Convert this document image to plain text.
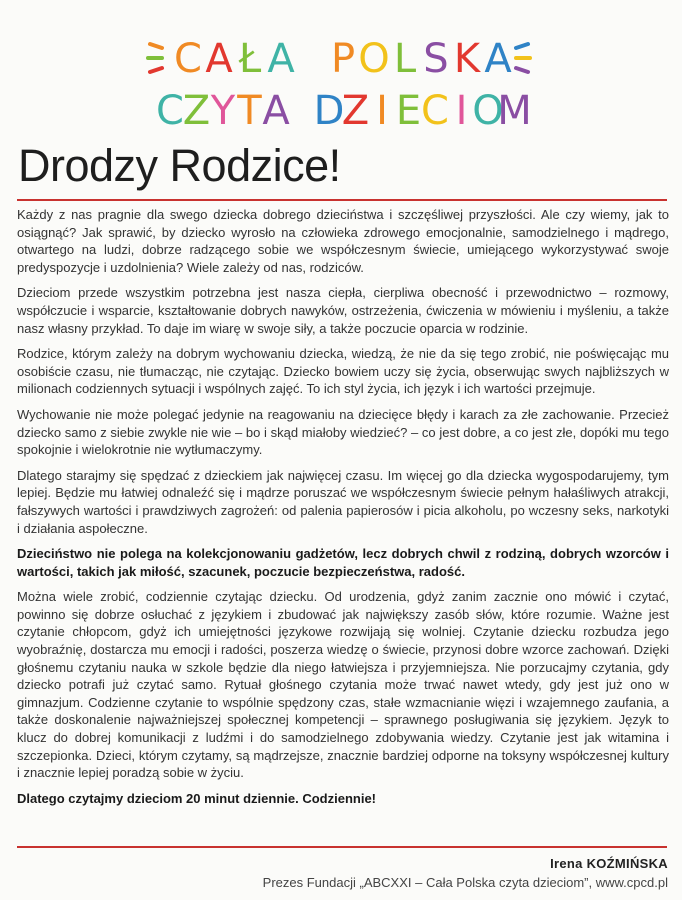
C A Ł A P O L S K A
C
Z Y T A D
Z I E C I O
M
Drodzy Rodzice!

Każdy z nas pragnie dla swego dziecka dobrego dzieciństwa i szczęśliwej przyszłości. Ale czy wiemy, jak to osiągnąć? Jak sprawić, by dziecko wyrosło na człowieka zdrowego emocjonalnie, samodzielnego i mądrego, otwartego na ludzi, dobrze radzącego sobie we współczesnym świecie, umiejącego wykorzystywać swoje predyspozycje i uzdolnienia? Wiele zależy od nas, rodziców.

Dzieciom przede wszystkim potrzebna jest nasza ciepła, cierpliwa obecność i przewodnictwo – rozmowy, współczucie i wsparcie, kształtowanie dobrych nawyków, ostrzeżenia, ćwiczenia w mówieniu i myśleniu, a także nasz własny przykład. To daje im wiarę w swoje siły, a także poczucie oparcia w rodzinie.

Rodzice, którym zależy na dobrym wychowaniu dziecka, wiedzą, że nie da się tego zrobić, nie poświęcając mu osobiście czasu, nie tłumacząc, nie czytając. Dziecko bowiem uczy się życia, obserwując swych najbliższych w milionach codziennych sytuacji i wspólnych zajęć. To ich styl życia, ich język i ich wartości przejmuje.

Wychowanie nie może polegać jedynie na reagowaniu na dziecięce błędy i karach za złe zachowanie. Przecież dziecko samo z siebie zwykle nie wie – bo i skąd miałoby wiedzieć? – co jest dobre, a co jest złe, dopóki mu tego spokojnie i wielokrotnie nie wytłumaczymy.

Dlatego starajmy się spędzać z dzieckiem jak najwięcej czasu. Im więcej go dla dziecka wygospodarujemy, tym lepiej. Będzie mu łatwiej odnaleźć się i mądrze poruszać we współczesnym świecie pełnym hałaśliwych atrakcji, fałszywych wartości i prawdziwych zagrożeń: od palenia papierosów i picia alkoholu, po wczesny seks, narkotyki i działania aspołeczne.

Dzieciństwo nie polega na kolekcjonowaniu gadżetów, lecz dobrych chwil z rodziną, dobrych wzorców i wartości, takich jak miłość, szacunek, poczucie bezpieczeństwa, radość.

Można wiele zrobić, codziennie czytając dziecku. Od urodzenia, gdyż zanim zacznie ono mówić i czytać, powinno się dobrze osłuchać z językiem i zbudować jak największy zasób słów, które rozumie. Ważne jest czytanie chłopcom, gdyż ich umiejętności językowe rozwijają się wolniej. Czytanie dziecku rozbudza jego wyobraźnię, dostarcza mu emocji i radości, poszerza wiedzę o świecie, przynosi dobre wzorce zachowań. Dzięki głośnemu czytaniu nauka w szkole będzie dla niego łatwiejsza i przyjemniejsza. Nie porzucajmy czytania, gdy dziecko potrafi już czytać samo. Rytuał głośnego czytania może trwać nawet wtedy, gdy jest już ono w gimnazjum. Codzienne czytanie to wspólnie spędzony czas, stałe wzmacnianie więzi i wzajemnego zaufania, a także doskonalenie najważniejszej społecznej kompetencji – sprawnego posługiwania się językiem. Język to klucz do dobrej komunikacji z ludźmi i do samodzielnego zdobywania wiedzy. Czytanie jest jak witamina i szczepionka. Dzieci, którym czytamy, są mądrzejsze, znacznie bardziej odporne na toksyny współczesnej kultury i znacznie lepiej poradzą sobie w życiu.

Dlatego czytajmy dzieciom 20 minut dziennie. Codziennie!

Irena KOŹMIŃSKA
Prezes Fundacji „ABCXXI – Cała Polska czyta dzieciom”, www.cpcd.pl
